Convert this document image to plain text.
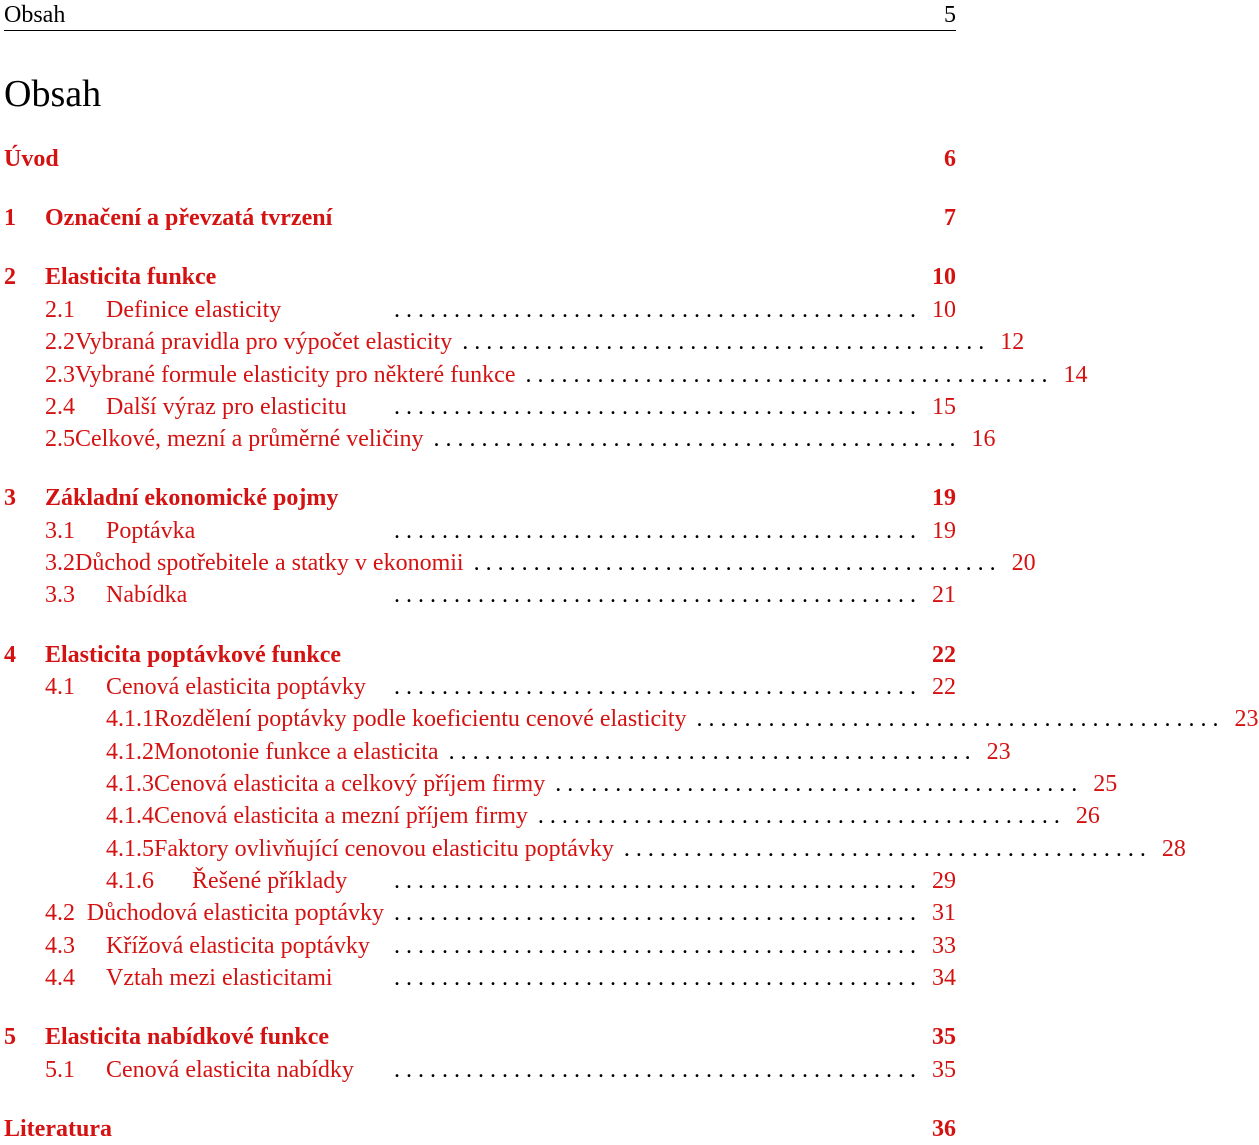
Obsah	5
Obsah
Úvod	6
1	Označení a převzatá tvrzení	7
2	Elasticita funkce	10
2.1	Definice elasticity	. . . . . . . . . . . . . . . . . . . . . . . . . . . . . . . . . . . . . . . . . . . . 10
2.2 Vybraná pravidla pro výpočet elasticity . . . . . . . . . . . . . . . . . . . . . . . . . . . . . . . . . . . . . . . . . . . . 12
2.3 Vybrané formule elasticity pro některé funkce . . . . . . . . . . . . . . . . . . . . . . . . . . . . . . . . . . . . . . . . . . . . 14
2.4	Další výraz pro elasticitu	. . . . . . . . . . . . . . . . . . . . . . . . . . . . . . . . . . . . . . . . . . . . 15
2.5 Celkové, mezní a průměrné veličiny . . . . . . . . . . . . . . . . . . . . . . . . . . . . . . . . . . . . . . . . . . . . 16
3	Základní ekonomické pojmy	19
3.1	Poptávka	. . . . . . . . . . . . . . . . . . . . . . . . . . . . . . . . . . . . . . . . . . . . 19
3.2 Důchod spotřebitele a statky v ekonomii . . . . . . . . . . . . . . . . . . . . . . . . . . . . . . . . . . . . . . . . . . . . 20
3.3	Nabídka	. . . . . . . . . . . . . . . . . . . . . . . . . . . . . . . . . . . . . . . . . . . . 21
4	Elasticita poptávkové funkce	22
4.1	Cenová elasticita poptávky	. . . . . . . . . . . . . . . . . . . . . . . . . . . . . . . . . . . . . . . . . . . . 22
4.1.1 Rozdělení poptávky podle koeficientu cenové elasticity . . . . . . . . . . . . . . . . . . . . . . . . . . . . . . . . . . . . . . . . . . . . 23
4.1.2 Monotonie funkce a elasticita . . . . . . . . . . . . . . . . . . . . . . . . . . . . . . . . . . . . . . . . . . . . 23
4.1.3 Cenová elasticita a celkový příjem firmy . . . . . . . . . . . . . . . . . . . . . . . . . . . . . . . . . . . . . . . . . . . . 25
4.1.4 Cenová elasticita a mezní příjem firmy . . . . . . . . . . . . . . . . . . . . . . . . . . . . . . . . . . . . . . . . . . . . 26
4.1.5 Faktory ovlivňující cenovou elasticitu poptávky . . . . . . . . . . . . . . . . . . . . . . . . . . . . . . . . . . . . . . . . . . . . 28
4.1.6	Řešené příklady	. . . . . . . . . . . . . . . . . . . . . . . . . . . . . . . . . . . . . . . . . . . . 29
4.2 Důchodová elasticita poptávky . . . . . . . . . . . . . . . . . . . . . . . . . . . . . . . . . . . . . . . . . . . . 31
4.3	Křížová elasticita poptávky	. . . . . . . . . . . . . . . . . . . . . . . . . . . . . . . . . . . . . . . . . . . . 33
4.4	Vztah mezi elasticitami	. . . . . . . . . . . . . . . . . . . . . . . . . . . . . . . . . . . . . . . . . . . . 34
5	Elasticita nabídkové funkce	35
5.1	Cenová elasticita nabídky	. . . . . . . . . . . . . . . . . . . . . . . . . . . . . . . . . . . . . . . . . . . . 35
Literatura	36
